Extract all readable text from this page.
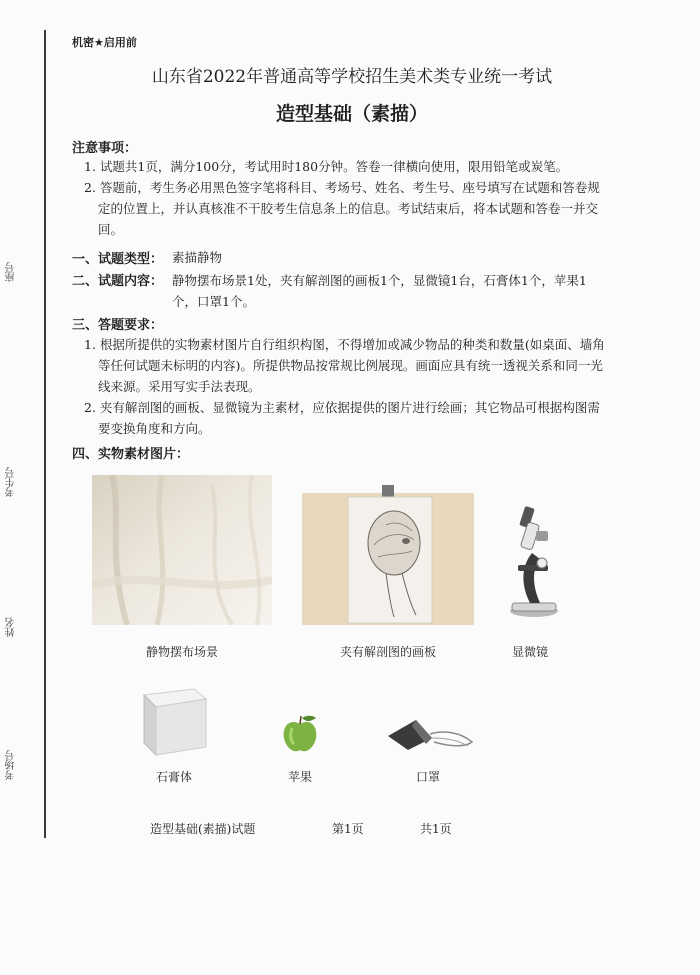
座号
考生号
姓名
考场号
机密★启用前
山东省2022年普通高等学校招生美术类专业统一考试
造型基础（素描）
注意事项：
1. 试题共1页，满分100分，考试用时180分钟。答卷一律横向使用，限用铅笔或炭笔。
2. 答题前，考生务必用黑色签字笔将科目、考场号、姓名、考生号、座号填写在试题和答卷规定的位置上，并认真核准不干胶考生信息条上的信息。考试结束后，将本试题和答卷一并交回。
一、试题类型： 素描静物
二、试题内容： 静物摆布场景1处，夹有解剖图的画板1个，显微镜1台，石膏体1个，苹果1个，口罩1个。
三、答题要求：
1. 根据所提供的实物素材图片自行组织构图，不得增加或减少物品的种类和数量(如桌面、墙角等任何试题未标明的内容)。所提供物品按常规比例展现。画面应具有统一透视关系和同一光线来源。采用写实手法表现。
2. 夹有解剖图的画板、显微镜为主素材，应依据提供的图片进行绘画；其它物品可根据构图需要变换角度和方向。
四、实物素材图片：
静物摆布场景	夹有解剖图的画板	显微镜
石膏体	苹果	口罩
造型基础(素描)试题	第1页	共1页
